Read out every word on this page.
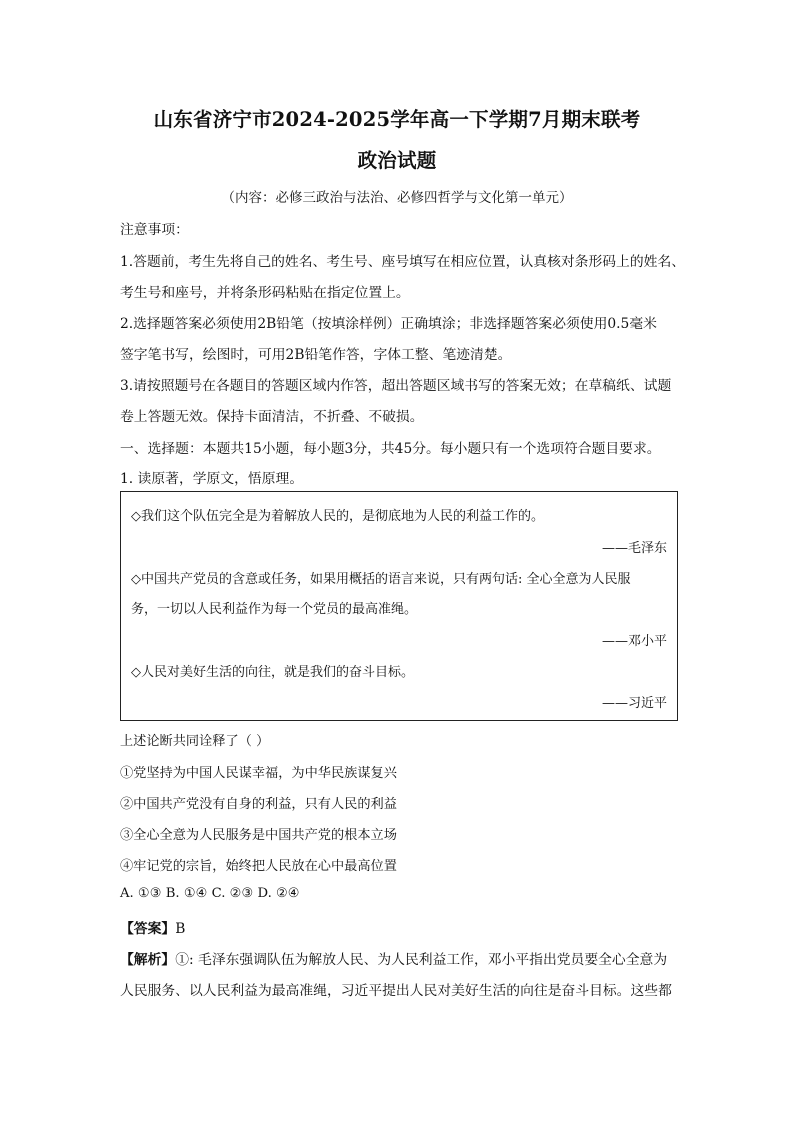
山东省济宁市2024-2025学年高一下学期7月期末联考
政治试题
（内容：必修三政治与法治、必修四哲学与文化第一单元）
注意事项：
1.答题前，考生先将自己的姓名、考生号、座号填写在相应位置，认真核对条形码上的姓名、
考生号和座号，并将条形码粘贴在指定位置上。
2.选择题答案必须使用2B铅笔（按填涂样例）正确填涂；非选择题答案必须使用0.5毫米
签字笔书写，绘图时，可用2B铅笔作答，字体工整、笔迹清楚。
3.请按照题号在各题目的答题区域内作答，超出答题区域书写的答案无效；在草稿纸、试题
卷上答题无效。保持卡面清洁，不折叠、不破损。
一、选择题：本题共15小题，每小题3分，共45分。每小题只有一个选项符合题目要求。
1. 读原著，学原文，悟原理。
◇我们这个队伍完全是为着解放人民的，是彻底地为人民的利益工作的。
——毛泽东
◇中国共产党员的含意或任务，如果用概括的语言来说，只有两句话: 全心全意为人民服
务，一切以人民利益作为每一个党员的最高准绳。
——邓小平
◇人民对美好生活的向往，就是我们的奋斗目标。
——习近平
上述论断共同诠释了（ ）
①党坚持为中国人民谋幸福，为中华民族谋复兴
②中国共产党没有自身的利益，只有人民的利益
③全心全意为人民服务是中国共产党的根本立场
④牢记党的宗旨，始终把人民放在心中最高位置
A. ①③ B. ①④ C. ②③ D. ②④
【答案】B
【解析】①: 毛泽东强调队伍为解放人民、为人民利益工作，邓小平指出党员要全心全意为
人民服务、以人民利益为最高准绳，习近平提出人民对美好生活的向往是奋斗目标。这些都
